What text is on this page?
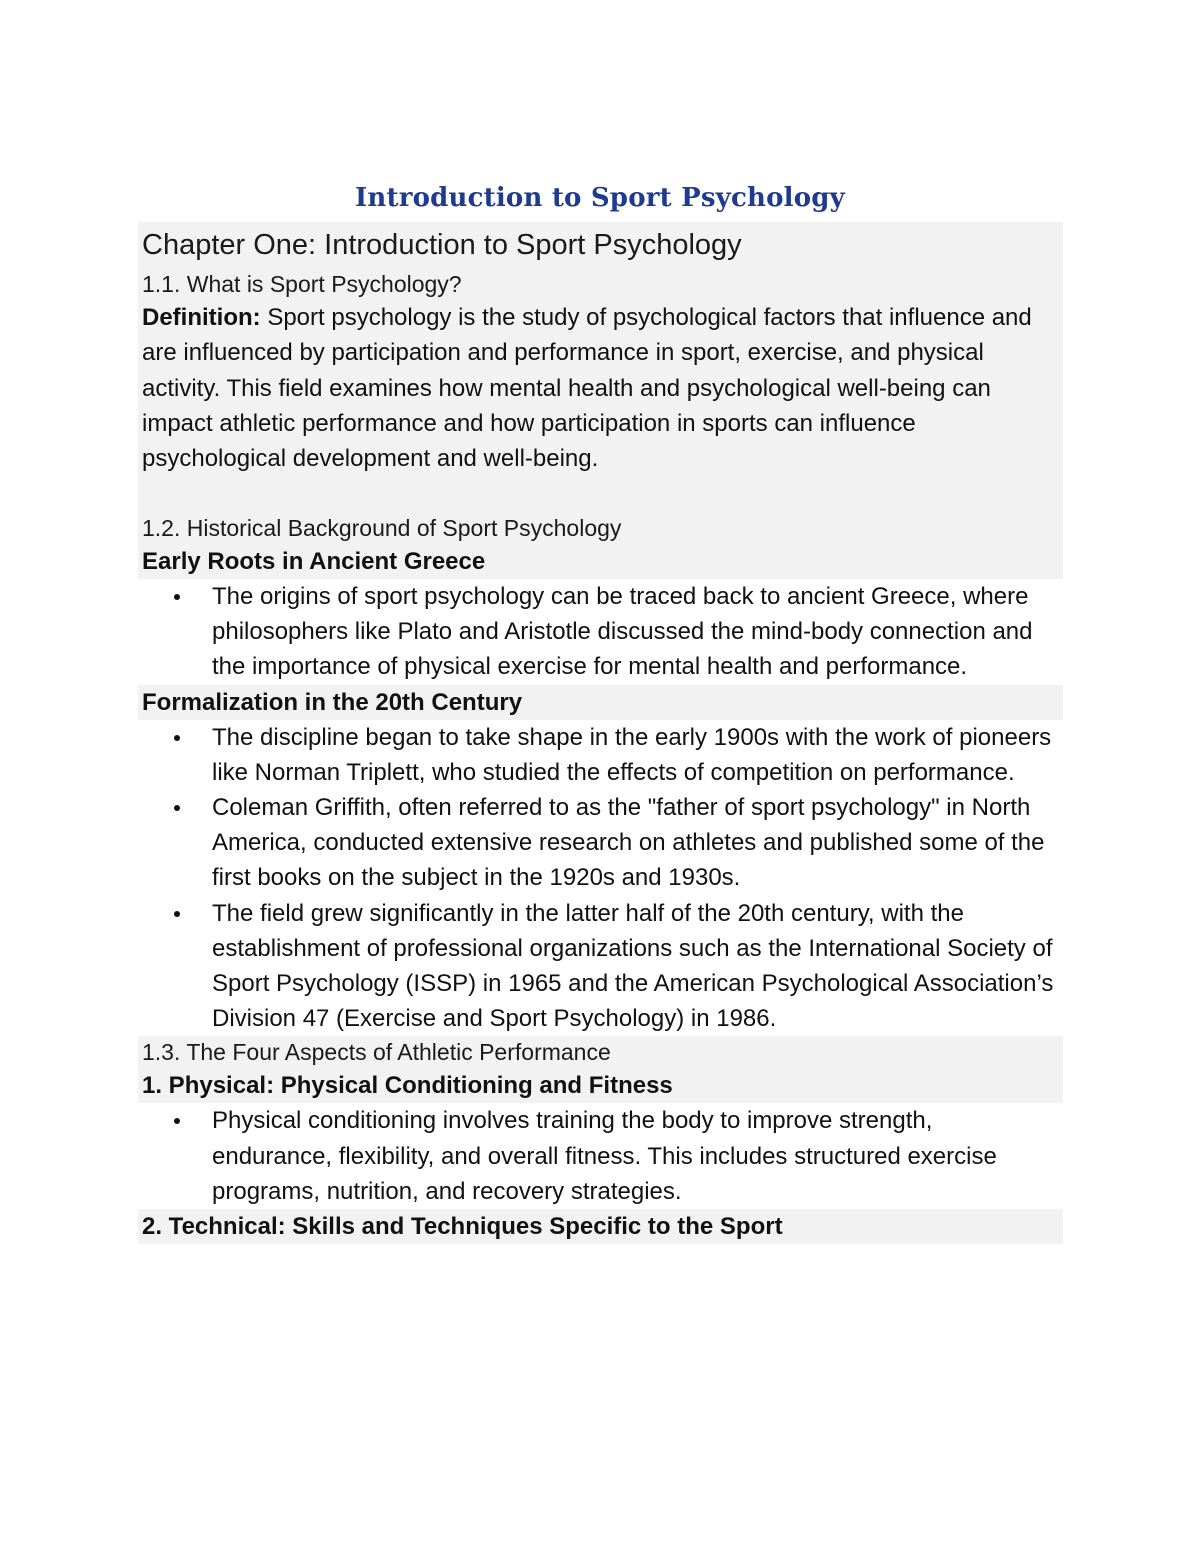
Introduction to Sport Psychology
Chapter One: Introduction to Sport Psychology
1.1. What is Sport Psychology?
Definition: Sport psychology is the study of psychological factors that influence and are influenced by participation and performance in sport, exercise, and physical activity. This field examines how mental health and psychological well-being can impact athletic performance and how participation in sports can influence psychological development and well-being.
1.2. Historical Background of Sport Psychology
Early Roots in Ancient Greece
The origins of sport psychology can be traced back to ancient Greece, where philosophers like Plato and Aristotle discussed the mind-body connection and the importance of physical exercise for mental health and performance.
Formalization in the 20th Century
The discipline began to take shape in the early 1900s with the work of pioneers like Norman Triplett, who studied the effects of competition on performance.
Coleman Griffith, often referred to as the "father of sport psychology" in North America, conducted extensive research on athletes and published some of the first books on the subject in the 1920s and 1930s.
The field grew significantly in the latter half of the 20th century, with the establishment of professional organizations such as the International Society of Sport Psychology (ISSP) in 1965 and the American Psychological Association’s Division 47 (Exercise and Sport Psychology) in 1986.
1.3. The Four Aspects of Athletic Performance
1. Physical: Physical Conditioning and Fitness
Physical conditioning involves training the body to improve strength, endurance, flexibility, and overall fitness. This includes structured exercise programs, nutrition, and recovery strategies.
2. Technical: Skills and Techniques Specific to the Sport
